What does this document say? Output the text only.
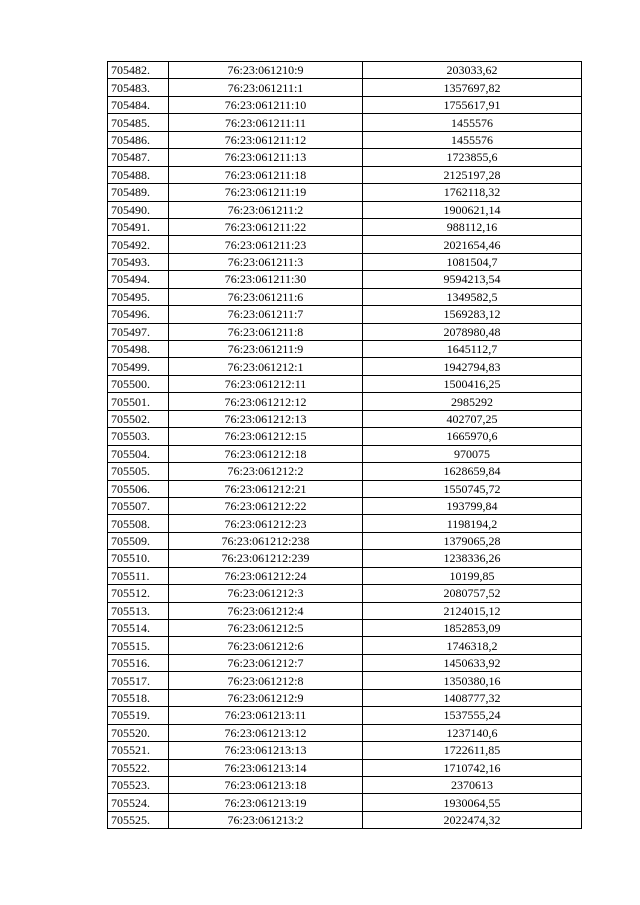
705482.	76:23:061210:9	203033,62
705483.	76:23:061211:1	1357697,82
705484.	76:23:061211:10	1755617,91
705485.	76:23:061211:11	1455576
705486.	76:23:061211:12	1455576
705487.	76:23:061211:13	1723855,6
705488.	76:23:061211:18	2125197,28
705489.	76:23:061211:19	1762118,32
705490.	76:23:061211:2	1900621,14
705491.	76:23:061211:22	988112,16
705492.	76:23:061211:23	2021654,46
705493.	76:23:061211:3	1081504,7
705494.	76:23:061211:30	9594213,54
705495.	76:23:061211:6	1349582,5
705496.	76:23:061211:7	1569283,12
705497.	76:23:061211:8	2078980,48
705498.	76:23:061211:9	1645112,7
705499.	76:23:061212:1	1942794,83
705500.	76:23:061212:11	1500416,25
705501.	76:23:061212:12	2985292
705502.	76:23:061212:13	402707,25
705503.	76:23:061212:15	1665970,6
705504.	76:23:061212:18	970075
705505.	76:23:061212:2	1628659,84
705506.	76:23:061212:21	1550745,72
705507.	76:23:061212:22	193799,84
705508.	76:23:061212:23	1198194,2
705509.	76:23:061212:238	1379065,28
705510.	76:23:061212:239	1238336,26
705511.	76:23:061212:24	10199,85
705512.	76:23:061212:3	2080757,52
705513.	76:23:061212:4	2124015,12
705514.	76:23:061212:5	1852853,09
705515.	76:23:061212:6	1746318,2
705516.	76:23:061212:7	1450633,92
705517.	76:23:061212:8	1350380,16
705518.	76:23:061212:9	1408777,32
705519.	76:23:061213:11	1537555,24
705520.	76:23:061213:12	1237140,6
705521.	76:23:061213:13	1722611,85
705522.	76:23:061213:14	1710742,16
705523.	76:23:061213:18	2370613
705524.	76:23:061213:19	1930064,55
705525.	76:23:061213:2	2022474,32
